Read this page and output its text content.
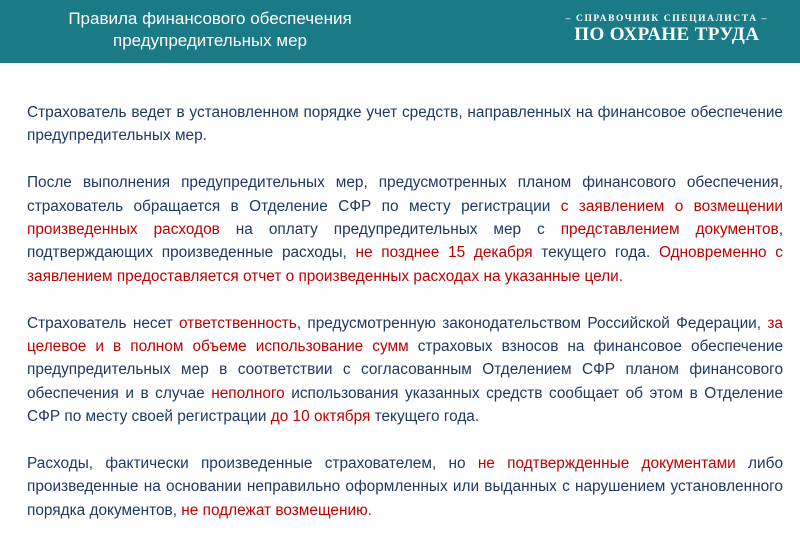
Правила финансового обеспечения
предупредительных мер
– СПРАВОЧНИК СПЕЦИАЛИСТА –
ПО ОХРАНЕ ТРУДА

Страхователь ведет в установленном порядке учет средств, направленных на финансовое обеспечение предупредительных мер.

После выполнения предупредительных мер, предусмотренных планом финансового обеспечения, страхователь обращается в Отделение СФР по месту регистрации с заявлением о возмещении произведенных расходов на оплату предупредительных мер с представлением документов, подтверждающих произведенные расходы, не позднее 15 декабря текущего года. Одновременно с заявлением предоставляется отчет о произведенных расходах на указанные цели.

Страхователь несет ответственность, предусмотренную законодательством Российской Федерации, за целевое и в полном объеме использование сумм страховых взносов на финансовое обеспечение предупредительных мер в соответствии с согласованным Отделением СФР планом финансового обеспечения и в случае неполного использования указанных средств сообщает об этом в Отделение СФР по месту своей регистрации до 10 октября текущего года.

Расходы, фактически произведенные страхователем, но не подтвержденные документами либо произведенные на основании неправильно оформленных или выданных с нарушением установленного порядка документов, не подлежат возмещению.
